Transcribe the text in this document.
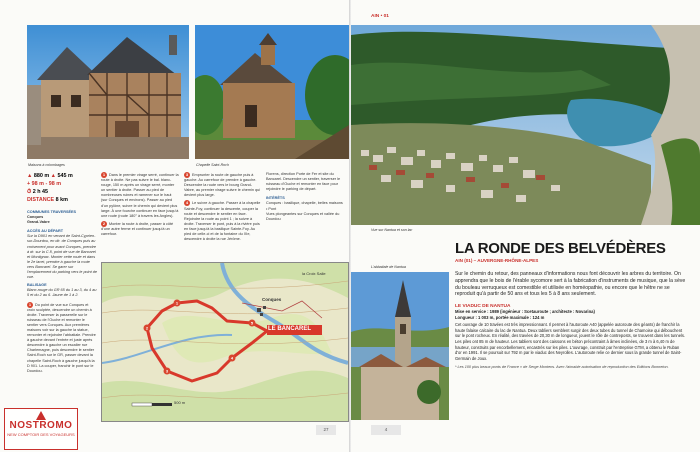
Maisons à colombages	Chapelle Saint-Roch
▲ 880 m ▲ 545 m
+ 98 m - 98 m
⏱ 2 h 45
DISTANCE 8 km
COMMUNES TRAVERSÉES
Conques
Grand-Vabre
ACCÈS AU DÉPART
Sur la D901 en venant de Saint-Cyprien-sur-Dourdou, en dir. de Conques puis au croisement pour avant Conques, prendre à dr. sur la C 8, point de vue de Bancarel et Montignac. Monter cette route et dans le 2e lacet, prendre à gauche la route vers Bancarel. Se garer sur l'emplacement du parking vers le point de vue.
BALISAGE
Blanc-rouge du GR 65 du 1 au 3, du 4 au 5 et du 2 au 6. Jaune de 1 à 2.
1 Du point de vue sur Conques et croix sculptée, descendre un chemin à droite. Traverser la passerelle sur le ruisseau de l'Ouche et remonter le sentier vers Conques. Aux premières maisons voir sur la gauche la statue, remonter et rejoindre l'abbatiale. Prendre à gauche devant l'entrée et juste après descendre à gauche un escalier rue Charlemagne, puis descendre le sentier Saint-Roch sur le GR, passer devant la chapelle Saint-Roch à gauche jusqu'à la D 901. La couper, franchir le pont sur le Dourdou.
1 Dans le premier virage serré, continuer la route à droite. Ne pas suivre le bal. blanc-rouge, 150 m après un virage serré, monter un sentier à droite. Passer au pied de nombreuses ruines et ramener sur le haut (sur Conques et environs). Passer au pied d'un pylône, suivre le chemin qui devient plus large. À une fourche continuer en face jusqu'à une route (route 180° à travers les Angles).
2 Monter la route à droite, passer à côté d'une autre ferme et continuer jusqu'à un carrefour.
3 Emprunter la route de gauche puis à gauche. Au carrefour de prendre à gauche. Descendre la route vers le bourg Grand-Vabre, au premier virage suivre le chemin qui devient plus large.
4 Le suivre à gauche. Passer à la chapelle Sainte-Foy, continuer la descente, couper la route et descendre le sentier en face. Rejoindre la route au point 1 ; la suivre à droite. Traverser le pont, puis à la rivière puis en face jusqu'à la basilique Sainte-Foy. Au pied de celle-ci et de la fontaine du XIe, descendre à droite la rue Jérôme.
Florens, direction Porte de Fer et site du Bancarel. Descendre un sentier, traverser le ruisseau d'Ouche et remonter en face pour rejoindre le parking de départ.
INTÉRÊTS
Conques : basilique, chapelle, belles maisons • Pont
Vues plongeantes sur Conques et vallée du Dourdou
1
2
3
4
5
LE BANCAREL
Conques
la Croix Salle
500 m
NOSTROMO
NEW COMPTOIR DES VOYAGEURS
27
AIN • 01
Vue sur Nantua et son lac
L'abbatiale de Nantua
LA RONDE DES BELVÉDÈRES
AIN (01) – AUVERGNE-RHÔNE-ALPES
Sur le chemin du retour, des panneaux d'informations nous font découvrir les arbres du territoire. On apprendra que le bois de l'érable sycomore sert à la fabrication d'instruments de musique, que la sève du bouleau verruqueux est comestible et utilisée en homéopathie, ou encore que le hêtre ne se reproduit qu'à partir de 50 ans et tous les 5 à 8 ans seulement.
LE VIADUC DE NANTUA
Mise en service : 1989 (ingénieur : Scetauroute ; architecte : Novarina)
Longueur : 1 003 m, portée maximale : 124 m
Cet ouvrage de 10 travées est très impressionnant. Il permet à l'autoroute A40 (appelée autoroute des géants) de franchir la haute falaise calcaire du lac de Nantua. Deux tabliers semblent surgir des deux tubes du tunnel de Chamoise qui débouchent sur le pont rocheux. En réalité, des travées de 20,30 m de longueur, jouent le rôle de contreposts, se trouvent dans les tunnels. Les piles ont 85 m de hauteur. Les tabliers sont des caissons en béton précontraint à âmes inclinées, de 3 m à 6,40 m de hauteur, construits par encorbellement, encastrés sur les piles. L'ouvrage, construit par l'entreprise GTM, a obtenu le Ruban d'or en 1991. Il se poursuit sur 792 m par le viaduc des Neyrolles. L'autoroute relie ce dernier sous la grande tunnel de Saint-Germain de Joux.
* Les 100 plus beaux ponts de France » de Serge Montens. Avec l'aimable autorisation de reproduction des Editions Bonneton.
4
